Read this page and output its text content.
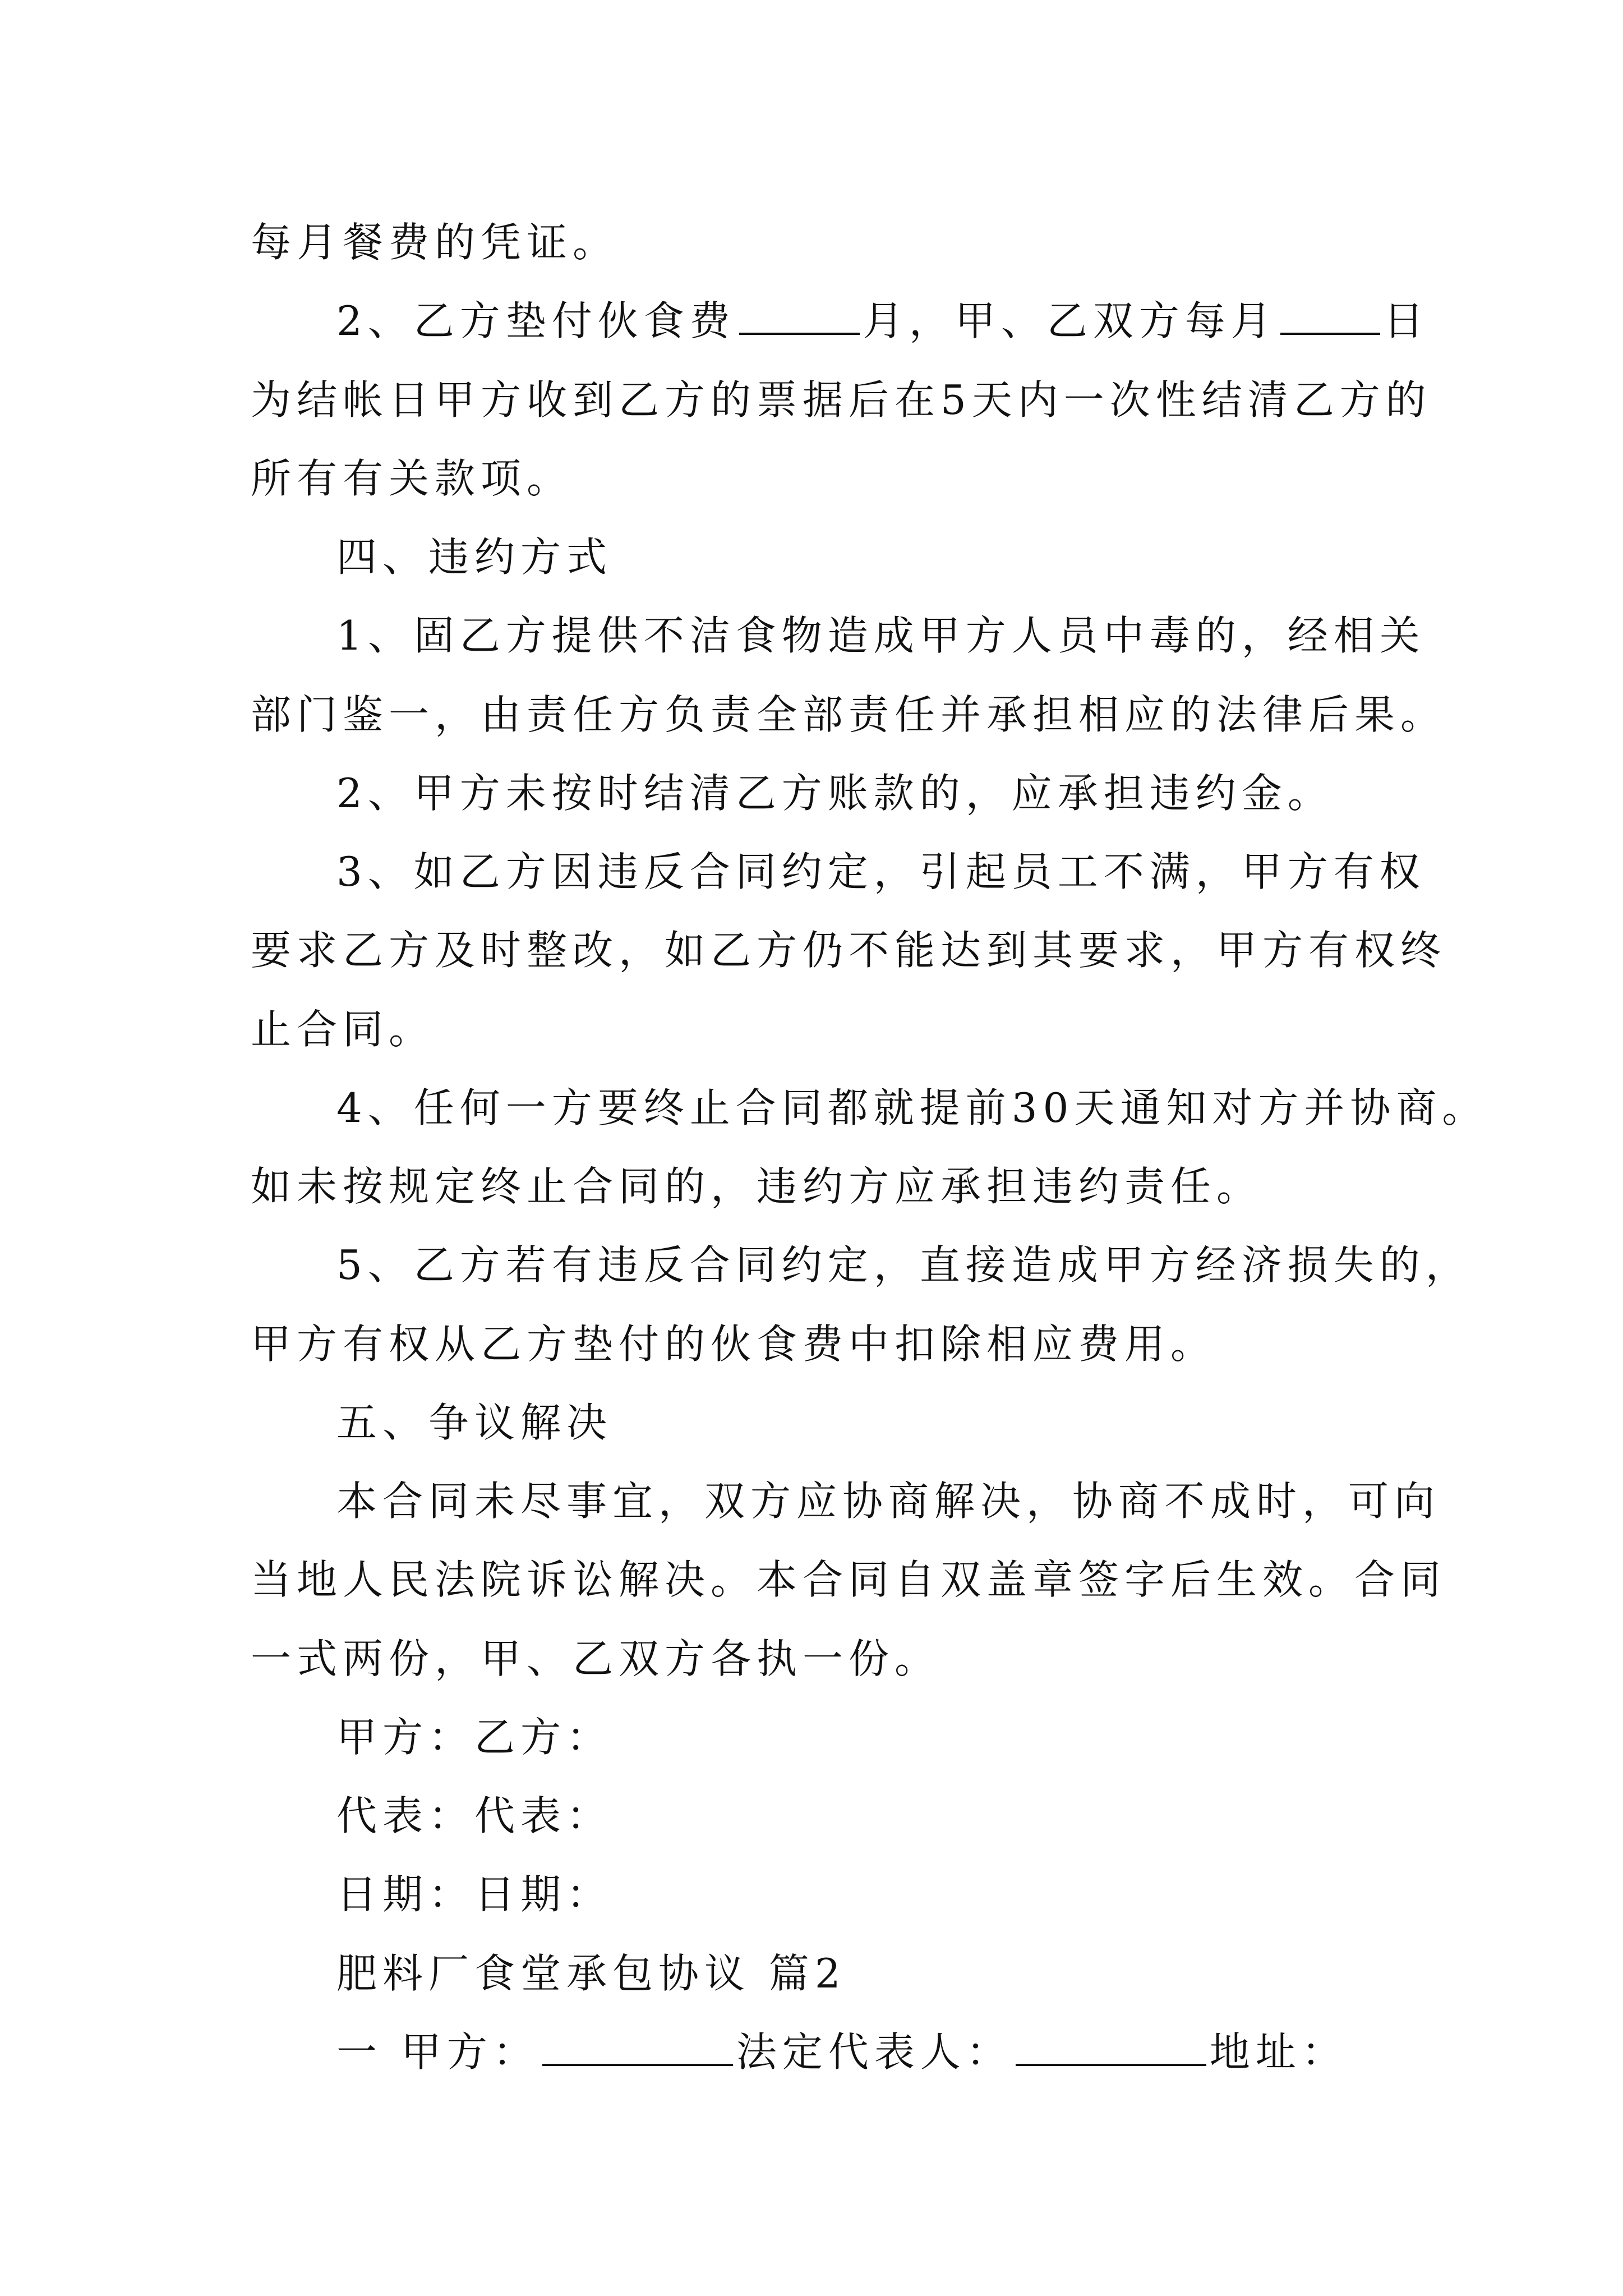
每月餐费的凭证。
2、乙方垫付伙食费	月，甲、乙双方每月	日
为结帐日甲方收到乙方的票据后在5天内一次性结清乙方的
所有有关款项。
四、违约方式
1、固乙方提供不洁食物造成甲方人员中毒的，经相关
部门鉴一，由责任方负责全部责任并承担相应的法律后果。
2、甲方未按时结清乙方账款的，应承担违约金。
3、如乙方因违反合同约定，引起员工不满，甲方有权
要求乙方及时整改，如乙方仍不能达到其要求，甲方有权终
止合同。
4、任何一方要终止合同都就提前30天通知对方并协商。
如未按规定终止合同的，违约方应承担违约责任。
5、乙方若有违反合同约定，直接造成甲方经济损失的，
甲方有权从乙方垫付的伙食费中扣除相应费用。
五、争议解决
本合同未尽事宜，双方应协商解决，协商不成时，可向
当地人民法院诉讼解决。本合同自双盖章签字后生效。合同
一式两份，甲、乙双方各执一份。
甲方：乙方：
代表：代表：
日期：日期：
肥料厂食堂承包协议 篇2
一 甲方：	法定代表人：	地址：
